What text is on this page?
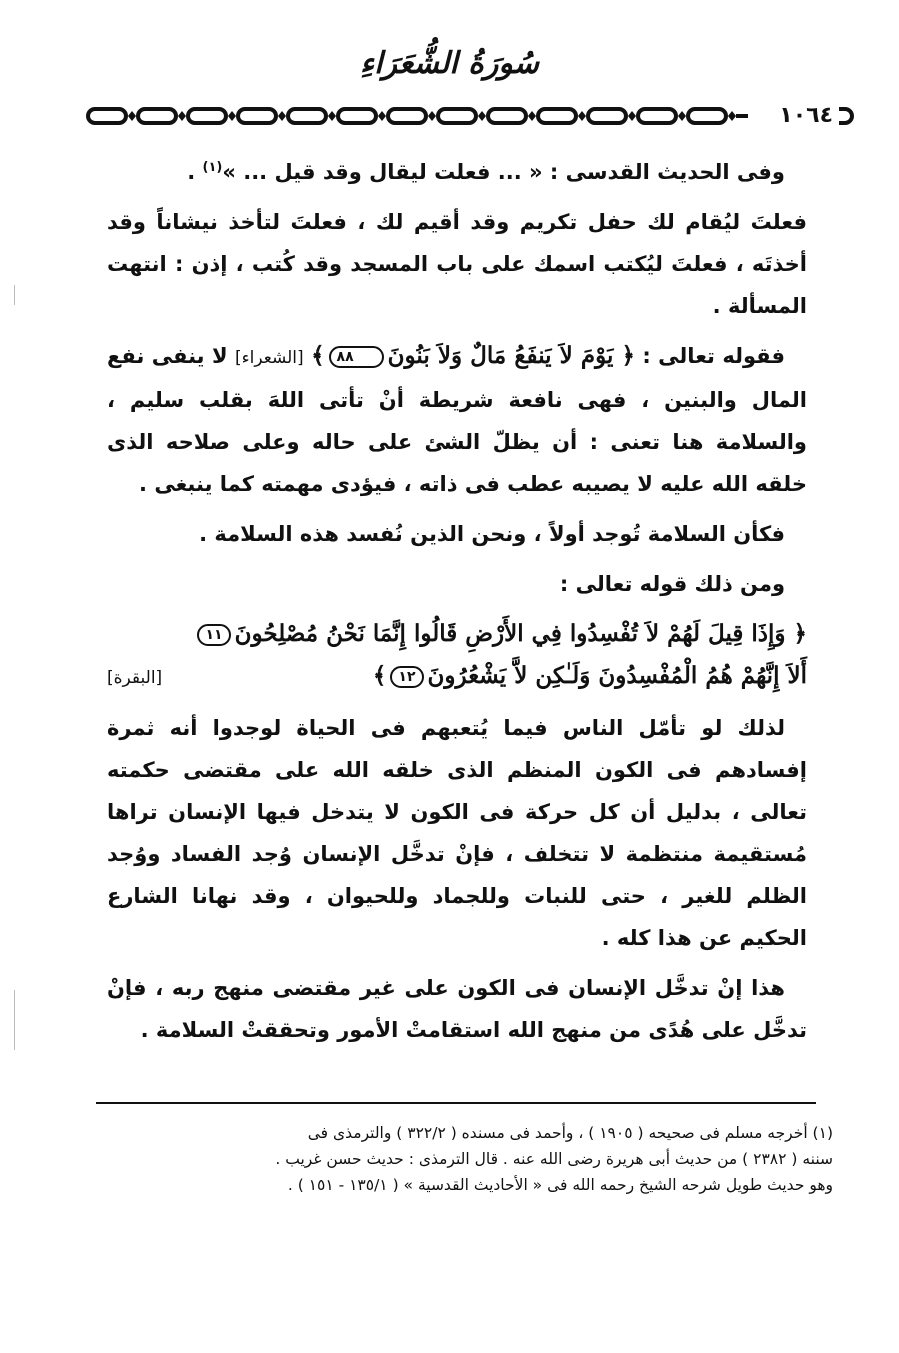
سُورَةُ الشُّعَرَاءِ
١٠٦٤

وفى الحديث القدسى : « ... فعلت ليقال وقد قيل ... »$^{(١)}$ .

فعلتَ ليُقام لك حفل تكريم وقد أقيم لك ، فعلتَ لتأخذ نيشاناً وقد أخذتَه ، فعلتَ ليُكتب اسمك على باب المسجد وقد كُتب ، إذن : انتهت المسألة .

فقوله تعالى : ﴿ يَوْمَ لاَ يَنفَعُ مَالٌ وَلاَ بَنُونَ٨٨﴾ [الشعراء] لا ينفى نفع المال والبنين ، فهى نافعة شريطة أنْ تأتى اللهَ بقلب سليم ، والسلامة هنا تعنى : أن يظلّ الشئ على حاله وعلى صلاحه الذى خلقه الله عليه لا يصيبه عطب فى ذاته ، فيؤدى مهمته كما ينبغى .

فكأن السلامة تُوجد أولاً ، ونحن الذين نُفسد هذه السلامة .

ومن ذلك قوله تعالى :

﴿ وَإِذَا قِيلَ لَهُمْ لاَ تُفْسِدُوا فِي الأَرْضِ قَالُوا إِنَّمَا نَحْنُ مُصْلِحُونَ١١
أَلاَ إِنَّهُمْ هُمُ الْمُفْسِدُونَ وَلَـٰكِن لاَّ يَشْعُرُونَ١٢﴾
[البقرة]

لذلك لو تأمّل الناس فيما يُتعبهم فى الحياة لوجدوا أنه ثمرة إفسادهم فى الكون المنظم الذى خلقه الله على مقتضى حكمته تعالى ، بدليل أن كل حركة فى الكون لا يتدخل فيها الإنسان تراها مُستقيمة منتظمة لا تتخلف ، فإنْ تدخَّل الإنسان وُجد الفساد ووُجد الظلم للغير ، حتى للنبات وللجماد وللحيوان ، وقد نهانا الشارع الحكيم عن هذا كله .

هذا إنْ تدخَّل الإنسان فى الكون على غير مقتضى منهج ربه ، فإنْ تدخَّل على هُدًى من منهج الله استقامتْ الأمور وتحققتْ السلامة .

(١) أخرجه مسلم فى صحيحه ( ١٩٠٥ ) ، وأحمد فى مسنده ( ٣٢٢/٢ ) والترمذى فى

سننه ( ٢٣٨٢ ) من حديث أبى هريرة رضى الله عنه . قال الترمذى : حديث حسن غريب .

وهو حديث طويل شرحه الشيخ رحمه الله فى « الأحاديث القدسية » ( ١٣٥/١ - ١٥١ ) .
